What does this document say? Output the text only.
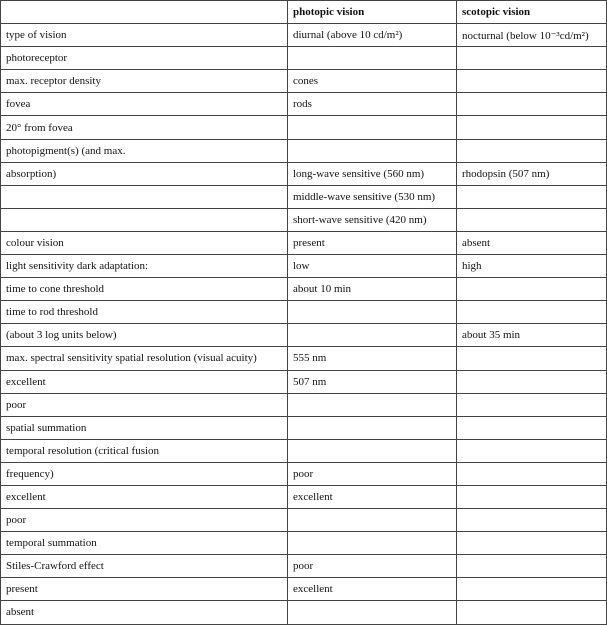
	photopic vision	scotopic vision
type of vision	diurnal (above 10 cd/m²)	nocturnal (below 10⁻³cd/m²)
photoreceptor		
max. receptor density	cones	
fovea	rods	
20° from fovea		
photopigment(s) (and max.		
absorption)	long-wave sensitive (560 nm)	rhodopsin (507 nm)
	middle-wave sensitive (530 nm)	
	short-wave sensitive (420 nm)	
colour vision	present	absent
light sensitivity dark adaptation:	low	high
time to cone threshold	about 10 min	
time to rod threshold		
(about 3 log units below)		about 35 min
max. spectral sensitivity spatial resolution (visual acuity)	555 nm	
excellent	507 nm	
poor		
spatial summation		
temporal resolution (critical fusion		
frequency)	poor	
excellent	excellent	
poor		
temporal summation		
Stiles-Crawford effect	poor	
present	excellent	
absent		
